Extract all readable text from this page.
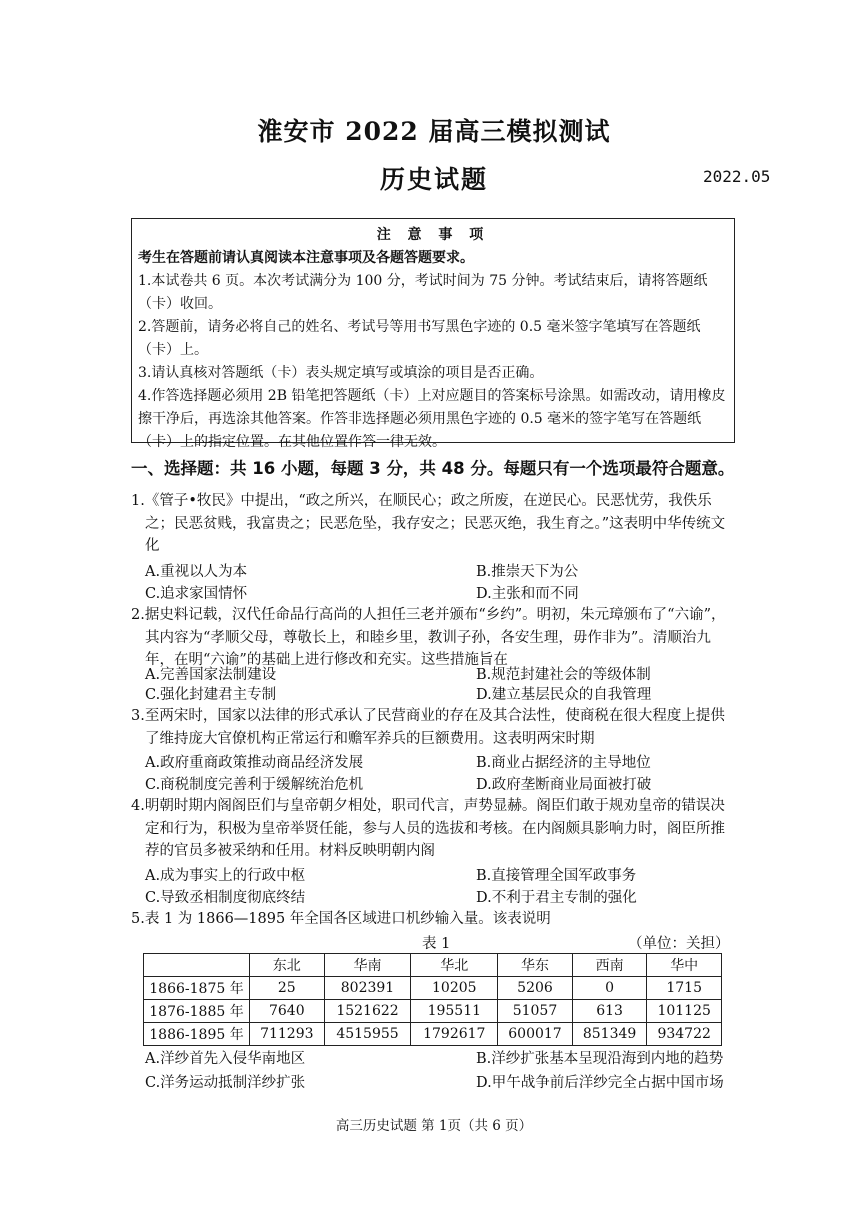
淮安市 2022 届高三模拟测试
历史试题	2022.05
注 意 事 项

考生在答题前请认真阅读本注意事项及各题答题要求。

1.本试卷共 6 页。本次考试满分为 100 分，考试时间为 75 分钟。考试结束后，请将答题纸（卡）收回。

2.答题前，请务必将自己的姓名、考试号等用书写黑色字迹的 0.5 毫米签字笔填写在答题纸（卡）上。

3.请认真核对答题纸（卡）表头规定填写或填涂的项目是否正确。

4.作答选择题必须用 2B 铅笔把答题纸（卡）上对应题目的答案标号涂黑。如需改动，请用橡皮擦干净后，再选涂其他答案。作答非选择题必须用黑色字迹的 0.5 毫米的签字笔写在答题纸（卡）上的指定位置。在其他位置作答一律无效。

一、选择题：共 16 小题，每题 3 分，共 48 分。每题只有一个选项最符合题意。
1.《管子•牧民》中提出，“政之所兴，在顺民心；政之所废，在逆民心。民恶忧劳，我佚乐之；民恶贫贱，我富贵之；民恶危坠，我存安之；民恶灭绝，我生育之。”这表明中华传统文化
A.重视以人为本	B.推崇天下为公
C.追求家国情怀	D.主张和而不同
2.据史料记载，汉代任命品行高尚的人担任三老并颁布“乡约”。明初，朱元璋颁布了“六谕”，其内容为“孝顺父母，尊敬长上，和睦乡里，教训子孙，各安生理，毋作非为”。清顺治九年，在明“六谕”的基础上进行修改和充实。这些措施旨在
A.完善国家法制建设	B.规范封建社会的等级体制
C.强化封建君主专制	D.建立基层民众的自我管理
3.至两宋时，国家以法律的形式承认了民营商业的存在及其合法性，使商税在很大程度上提供了维持庞大官僚机构正常运行和赡军养兵的巨额费用。这表明两宋时期
A.政府重商政策推动商品经济发展	B.商业占据经济的主导地位
C.商税制度完善利于缓解统治危机	D.政府垄断商业局面被打破
4.明朝时期内阁阁臣们与皇帝朝夕相处，职司代言，声势显赫。阁臣们敢于规劝皇帝的错误决定和行为，积极为皇帝举贤任能，参与人员的选拔和考核。在内阁颇具影响力时，阁臣所推荐的官员多被采纳和任用。材料反映明朝内阁
A.成为事实上的行政中枢	B.直接管理全国军政事务
C.导致丞相制度彻底终结	D.不利于君主专制的强化
5.表 1 为 1866—1895 年全国各区域进口机纱输入量。该表说明
表 1	（单位：关担）
	东北	华南	华北	华东	西南	华中
1866-1875 年	25	802391	10205	5206	0	1715
1876-1885 年	7640	1521622	195511	51057	613	101125
1886-1895 年	711293	4515955	1792617	600017	851349	934722
A.洋纱首先入侵华南地区	B.洋纱扩张基本呈现沿海到内地的趋势
C.洋务运动抵制洋纱扩张	D.甲午战争前后洋纱完全占据中国市场
高三历史试题 第 1页（共 6 页）
